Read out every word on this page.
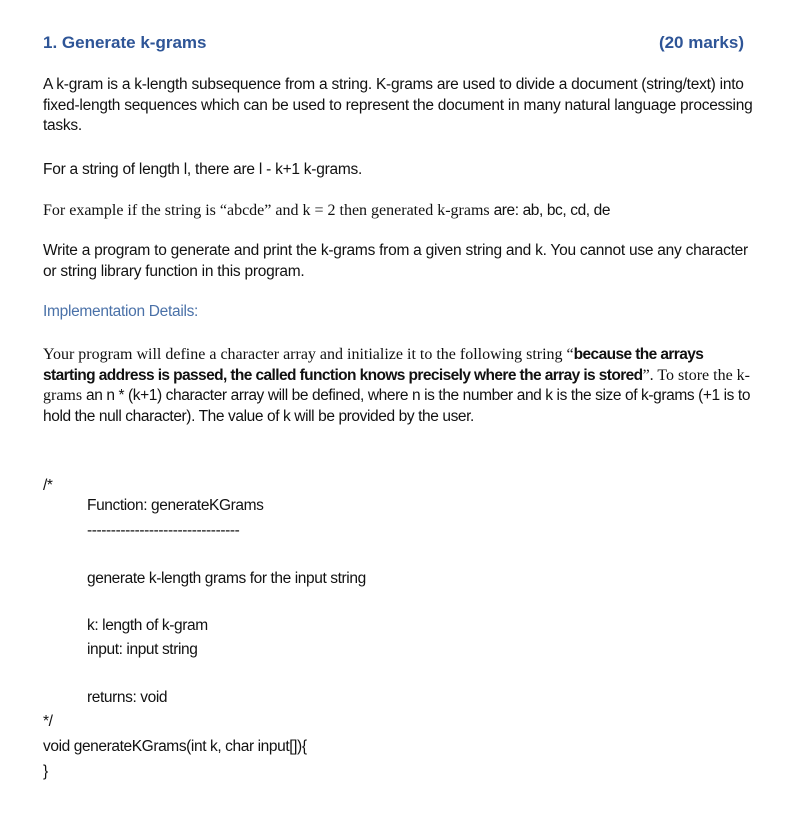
1. Generate k-grams	(20 marks)
A k-gram is a k-length subsequence from a string. K-grams are used to divide a document (string/text) into fixed-length sequences which can be used to represent the document in many natural language processing tasks.
For a string of length l, there are l - k+1 k-grams.
For example if the string is “abcde” and k = 2 then generated k-grams are: ab, bc, cd, de
Write a program to generate and print the k-grams from a given string and k. You cannot use any character or string library function in this program.
Implementation Details:
Your program will define a character array and initialize it to the following string “because the arrays starting address is passed, the called function knows precisely where the array is stored”. To store the k-grams an n * (k+1) character array will be defined, where n is the number and k is the size of k-grams (+1 is to hold the null character). The value of k will be provided by the user.
/*
Function: generateKGrams
--------------------------------
generate k-length grams for the input string
k: length of k-gram
input: input string
returns: void
*/
void generateKGrams(int k, char input[]){
}
